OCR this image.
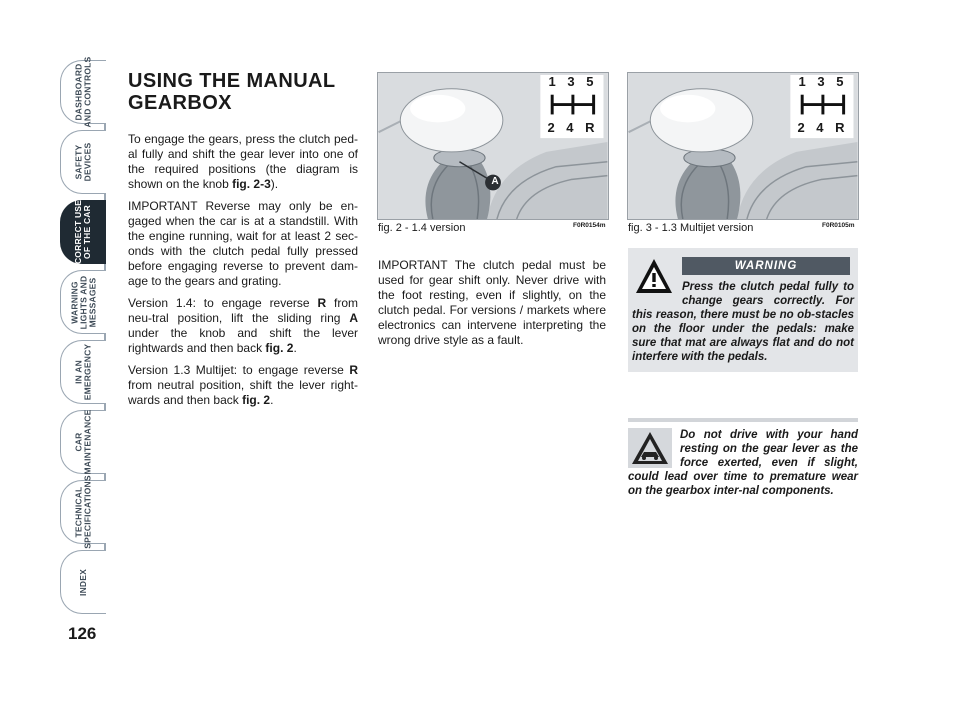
DASHBOARD
AND CONTROLS
SAFETY
DEVICES
CORRECT USE
OF THE CAR
WARNING
LIGHTS AND
MESSAGES
IN AN
EMERGENCY
CAR
MAINTENANCE
TECHNICAL
SPECIFICATIONS
INDEX
126
USING THE MANUAL
GEARBOX

To engage the gears, press the clutch ped-al fully and shift the gear lever into one of the required positions (the diagram is shown on the knob fig. 2-3).

IMPORTANT Reverse may only be en-gaged when the car is at a standstill. With the engine running, wait for at least 2 sec-onds with the clutch pedal fully pressed before engaging reverse to prevent dam-age to the gears and grating.

Version 1.4: to engage reverse R from neu-tral position, lift the sliding ring A under the knob and shift the lever rightwards and then back fig. 2.

Version 1.3 Multijet: to engage reverse R from neutral position, shift the lever right-wards and then back fig. 2.

1 3 5
2 4 R
A
fig. 2 - 1.4 version	F0R0154m
1 3 5
2 4 R
fig. 3 - 1.3 Multijet version	F0R0105m

IMPORTANT The clutch pedal must be used for gear shift only. Never drive with the foot resting, even if slightly, on the clutch pedal. For versions / markets where electronics can intervene interpreting the wrong drive style as a fault.

WARNING
Press the clutch pedal fully to change gears correctly. For this reason, there must be no ob-stacles on the floor under the pedals: make sure that mat are always flat and do not interfere with the pedals.

Do not drive with your hand resting on the gear lever as the force exerted, even if slight, could lead over time to premature wear on the gearbox inter-nal components.
